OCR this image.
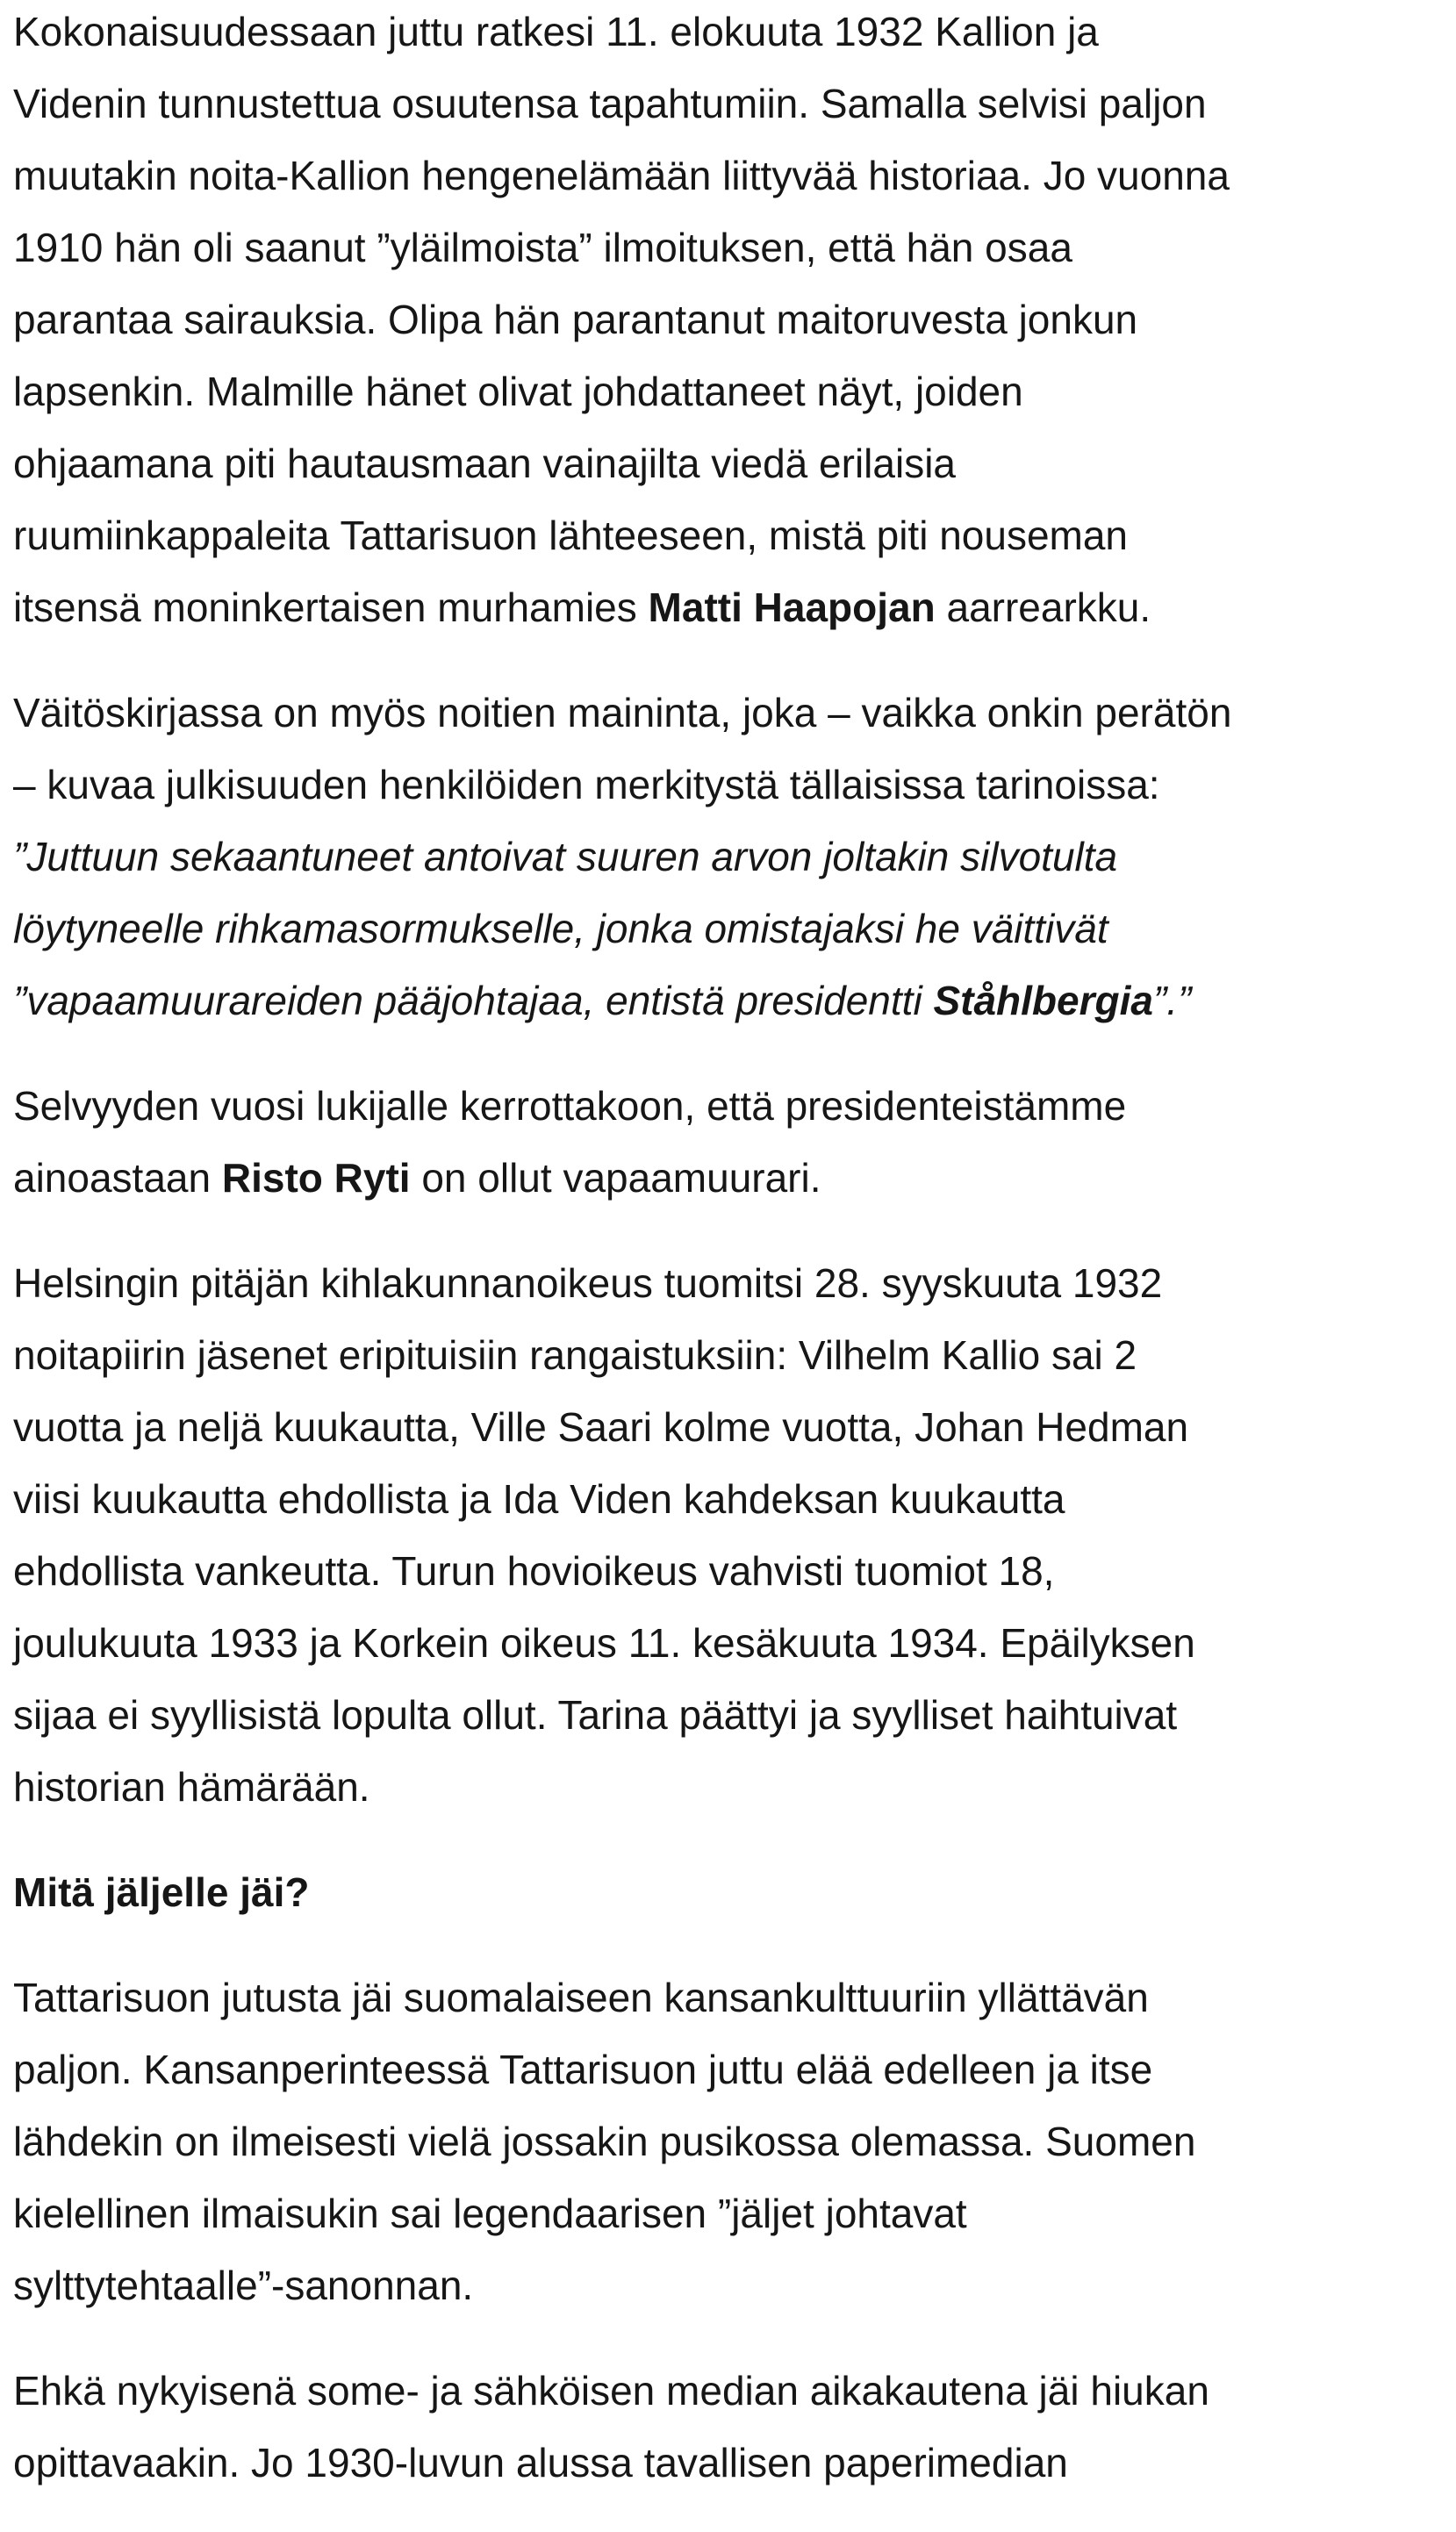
Kokonaisuudessaan juttu ratkesi 11. elokuuta 1932 Kallion ja
Videnin tunnustettua osuutensa tapahtumiin. Samalla selvisi paljon
muutakin noita-Kallion hengenelämään liittyvää historiaa. Jo vuonna
1910 hän oli saanut ”yläilmoista” ilmoituksen, että hän osaa
parantaa sairauksia. Olipa hän parantanut maitoruvesta jonkun
lapsenkin. Malmille hänet olivat johdattaneet näyt, joiden
ohjaamana piti hautausmaan vainajilta viedä erilaisia
ruumiinkappaleita Tattarisuon lähteeseen, mistä piti nouseman
itsensä moninkertaisen murhamies Matti Haapojan aarrearkku.

Väitöskirjassa on myös noitien maininta, joka – vaikka onkin perätön
– kuvaa julkisuuden henkilöiden merkitystä tällaisissa tarinoissa:
”Juttuun sekaantuneet antoivat suuren arvon joltakin silvotulta
löytyneelle rihkamasormukselle, jonka omistajaksi he väittivät
”vapaamuurareiden pääjohtajaa, entistä presidentti Ståhlbergia”.”

Selvyyden vuosi lukijalle kerrottakoon, että presidenteistämme
ainoastaan Risto Ryti on ollut vapaamuurari.

Helsingin pitäjän kihlakunnanoikeus tuomitsi 28. syyskuuta 1932
noitapiirin jäsenet eripituisiin rangaistuksiin: Vilhelm Kallio sai 2
vuotta ja neljä kuukautta, Ville Saari kolme vuotta, Johan Hedman
viisi kuukautta ehdollista ja Ida Viden kahdeksan kuukautta
ehdollista vankeutta. Turun hovioikeus vahvisti tuomiot 18,
joulukuuta 1933 ja Korkein oikeus 11. kesäkuuta 1934. Epäilyksen
sijaa ei syyllisistä lopulta ollut. Tarina päättyi ja syylliset haihtuivat
historian hämärään.

Mitä jäljelle jäi?

Tattarisuon jutusta jäi suomalaiseen kansankulttuuriin yllättävän
paljon. Kansanperinteessä Tattarisuon juttu elää edelleen ja itse
lähdekin on ilmeisesti vielä jossakin pusikossa olemassa. Suomen
kielellinen ilmaisukin sai legendaarisen ”jäljet johtavat
sylttytehtaalle”-sanonnan.

Ehkä nykyisenä some- ja sähköisen median aikakautena jäi hiukan
opittavaakin. Jo 1930-luvun alussa tavallisen paperimedian
